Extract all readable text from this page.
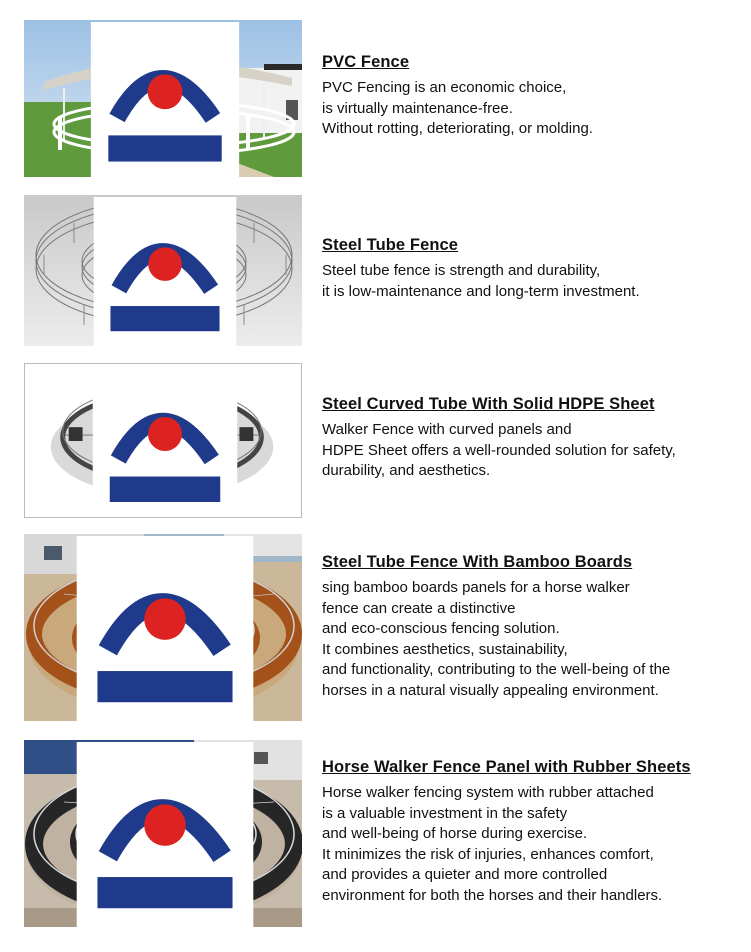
PVC Fence

PVC Fencing is an economic choice,

is virtually maintenance-free.

Without rotting, deteriorating, or molding.

Steel Tube Fence

Steel tube fence is strength and durability,

it is low-maintenance and long-term investment.

Steel Curved Tube With Solid HDPE Sheet

Walker Fence with curved panels and

HDPE Sheet offers a well-rounded solution for safety,

durability, and aesthetics.

Steel Tube Fence With Bamboo Boards

sing bamboo boards panels for a horse walker

fence can create a distinctive

and eco-conscious fencing solution.

It combines aesthetics, sustainability,

and functionality, contributing to the well-being of the

horses in a natural visually appealing environment.

Horse Walker Fence Panel with Rubber Sheets

Horse walker fencing system with rubber attached

is a valuable investment in the safety

and well-being of horse during exercise.

It minimizes the risk of injuries, enhances comfort,

and provides a quieter and more controlled

environment for both the horses and their handlers.
